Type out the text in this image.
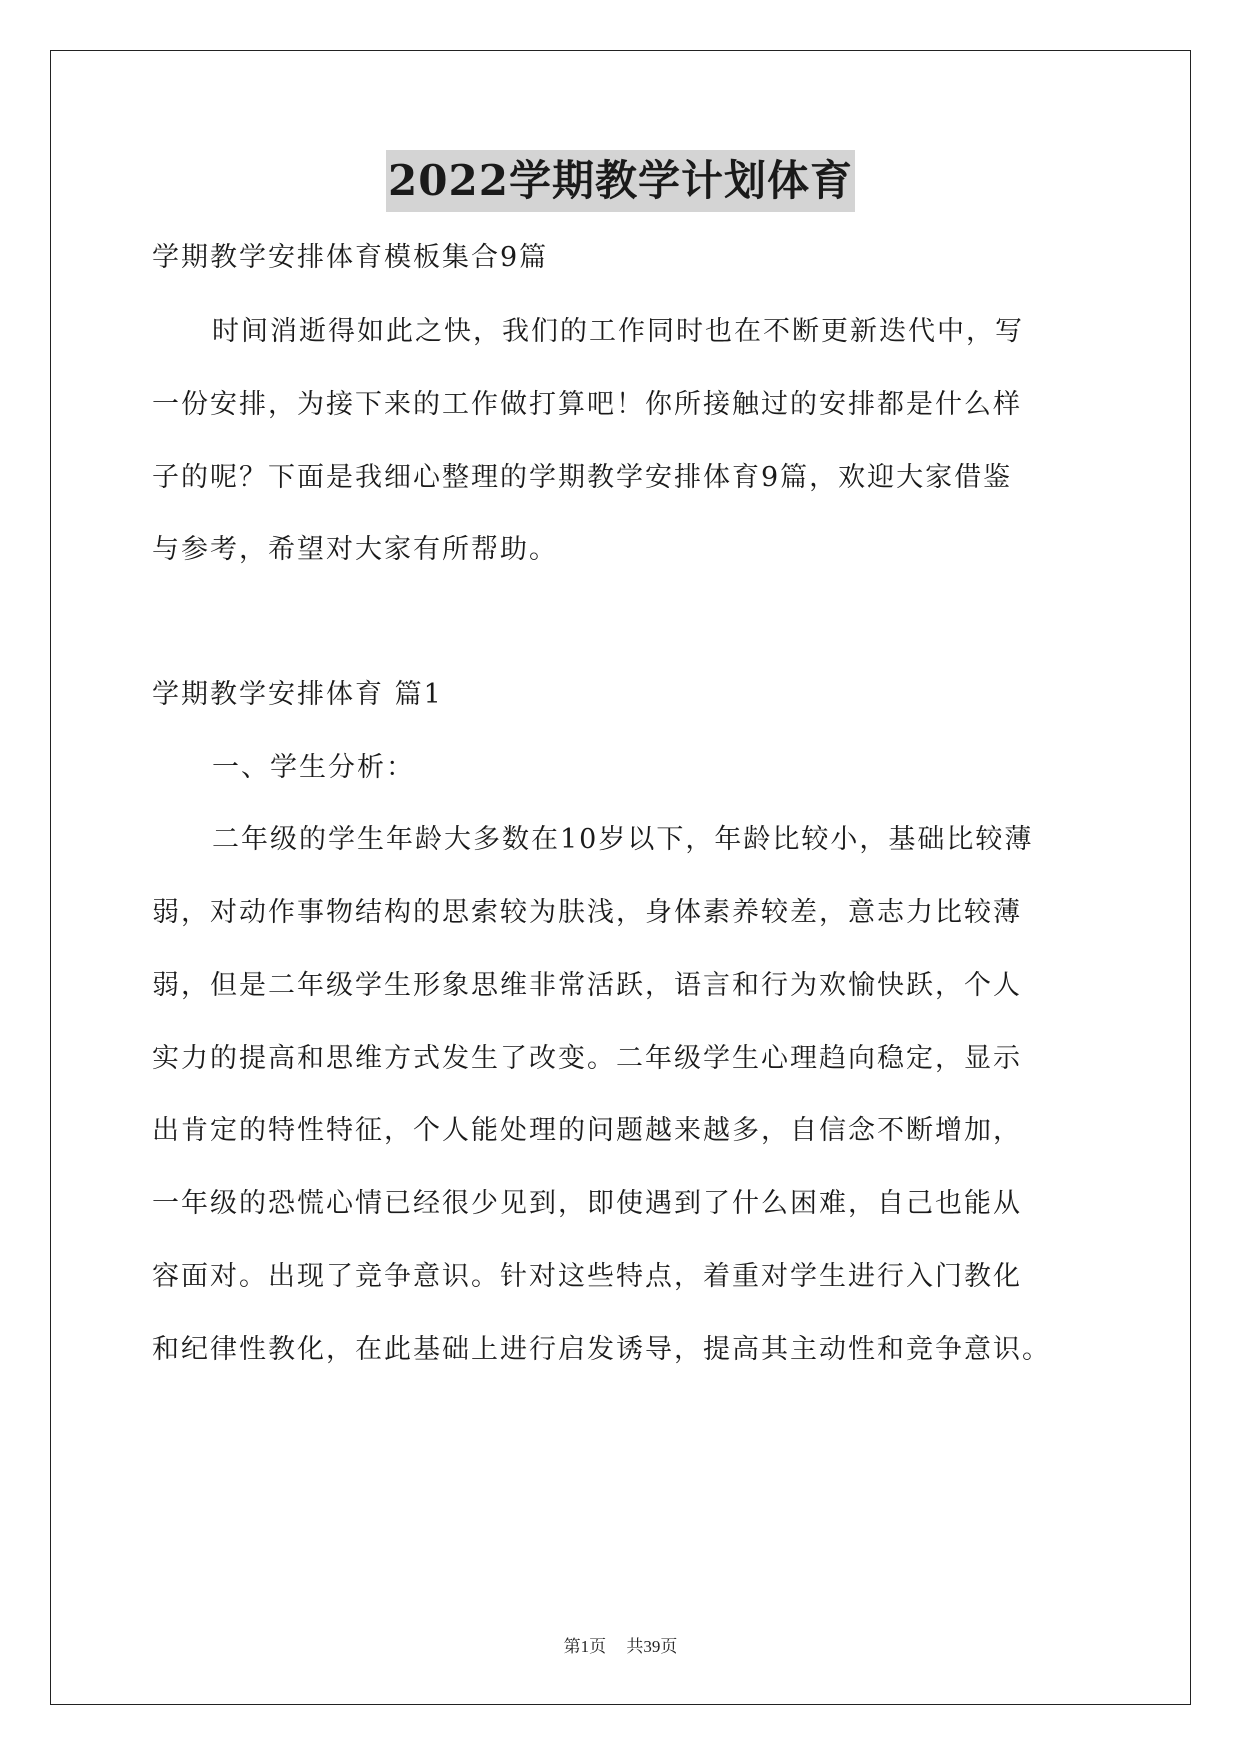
2022学期教学计划体育
学期教学安排体育模板集合9篇
时间消逝得如此之快，我们的工作同时也在不断更新迭代中，写
一份安排，为接下来的工作做打算吧！你所接触过的安排都是什么样
子的呢？下面是我细心整理的学期教学安排体育9篇，欢迎大家借鉴
与参考，希望对大家有所帮助。
学期教学安排体育 篇1
一、学生分析：
二年级的学生年龄大多数在10岁以下，年龄比较小，基础比较薄
弱，对动作事物结构的思索较为肤浅，身体素养较差，意志力比较薄
弱，但是二年级学生形象思维非常活跃，语言和行为欢愉快跃，个人
实力的提高和思维方式发生了改变。二年级学生心理趋向稳定，显示
出肯定的特性特征，个人能处理的问题越来越多，自信念不断增加，
一年级的恐慌心情已经很少见到，即使遇到了什么困难，自己也能从
容面对。出现了竞争意识。针对这些特点，着重对学生进行入门教化
和纪律性教化，在此基础上进行启发诱导，提高其主动性和竞争意识。
第1页 共39页
